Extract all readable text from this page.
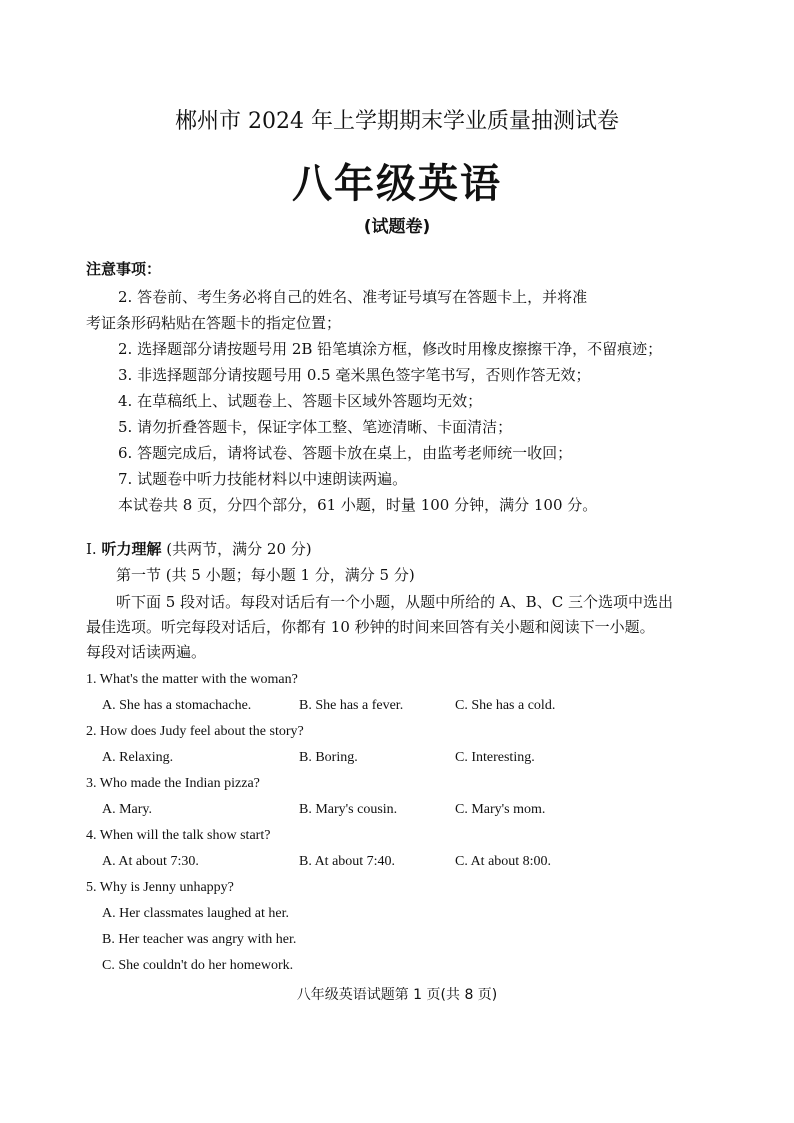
郴州市 2024 年上学期期末学业质量抽测试卷
八年级英语
(试题卷)
注意事项：

2. 答卷前、考生务必将自己的姓名、准考证号填写在答题卡上，并将准

考证条形码粘贴在答题卡的指定位置；

2. 选择题部分请按题号用 2B 铅笔填涂方框，修改时用橡皮擦擦干净，不留痕迹；

3. 非选择题部分请按题号用 0.5 毫米黑色签字笔书写，否则作答无效；

4. 在草稿纸上、试题卷上、答题卡区域外答题均无效；

5. 请勿折叠答题卡，保证字体工整、笔迹清晰、卡面清洁；

6. 答题完成后，请将试卷、答题卡放在桌上，由监考老师统一收回；

7. 试题卷中听力技能材料以中速朗读两遍。

本试卷共 8 页，分四个部分，61 小题，时量 100 分钟，满分 100 分。

Ⅰ. 听力理解 (共两节，满分 20 分)
第一节 (共 5 小题；每小题 1 分，满分 5 分)

听下面 5 段对话。每段对话后有一个小题，从题中所给的 A、B、C 三个选项中选出

最佳选项。听完每段对话后，你都有 10 秒钟的时间来回答有关小题和阅读下一小题。

每段对话读两遍。

1. What's the matter with the woman?
A. She has a stomachache.	B. She has a fever.	C. She has a cold.
2. How does Judy feel about the story?
A. Relaxing.	B. Boring.	C. Interesting.
3. Who made the Indian pizza?
A. Mary.	B. Mary's cousin.	C. Mary's mom.
4. When will the talk show start?
A. At about 7:30.	B. At about 7:40.	C. At about 8:00.
5. Why is Jenny unhappy?
A. Her classmates laughed at her.
B. Her teacher was angry with her.
C. She couldn't do her homework.
八年级英语试题第 1 页(共 8 页)
